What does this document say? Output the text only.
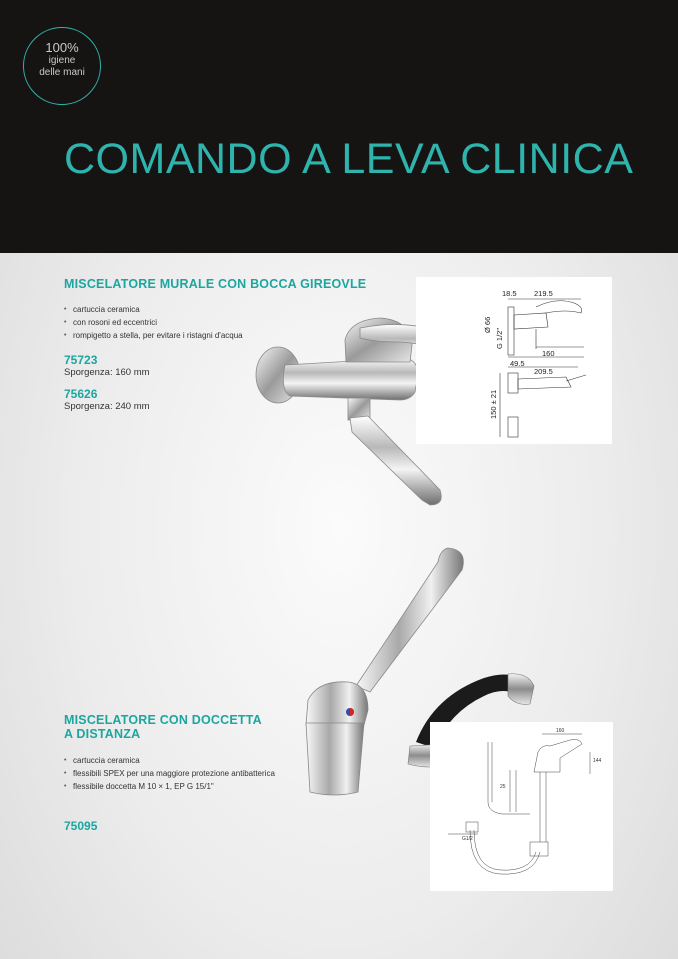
100%
igiene
delle mani
COMANDO A LEVA CLINICA
MISCELATORE MURALE CON BOCCA GIREOVLE
• cartuccia ceramica
• con rosoni ed eccentrici
• rompigetto a stella, per evitare i ristagni d'acqua
75723
Sporgenza: 160 mm
75626
Sporgenza: 240 mm
18.5 219.5
Ø 66
G 1/2"
160
49.5
209.5
150 ± 21
MISCELATORE CON DOCCETTA
A DISTANZA
• cartuccia ceramica
• flessibili SPEX per una maggiore protezione antibatterica
• flessibile doccetta M 10 × 1, EP G 15/1"
75095
160
144
25
G1/2
